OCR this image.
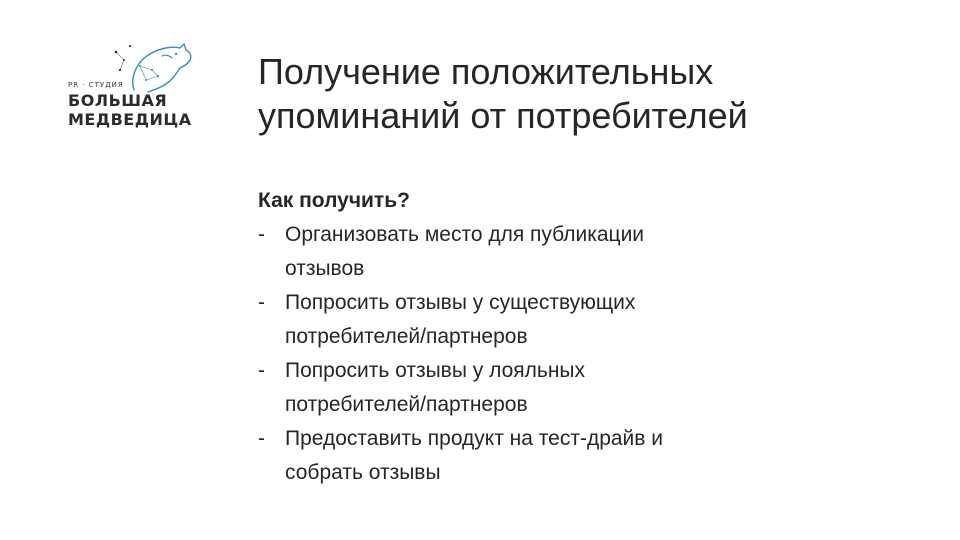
PR · СТУДИЯ
БОЛЬШАЯ
МЕДВЕДИЦА
Получение положительных
упоминаний от потребителей
Как получить?
- Организовать место для публикации
отзывов
- Попросить отзывы у существующих
потребителей/партнеров
- Попросить отзывы у лояльных
потребителей/партнеров
- Предоставить продукт на тест-драйв и
собрать отзывы
